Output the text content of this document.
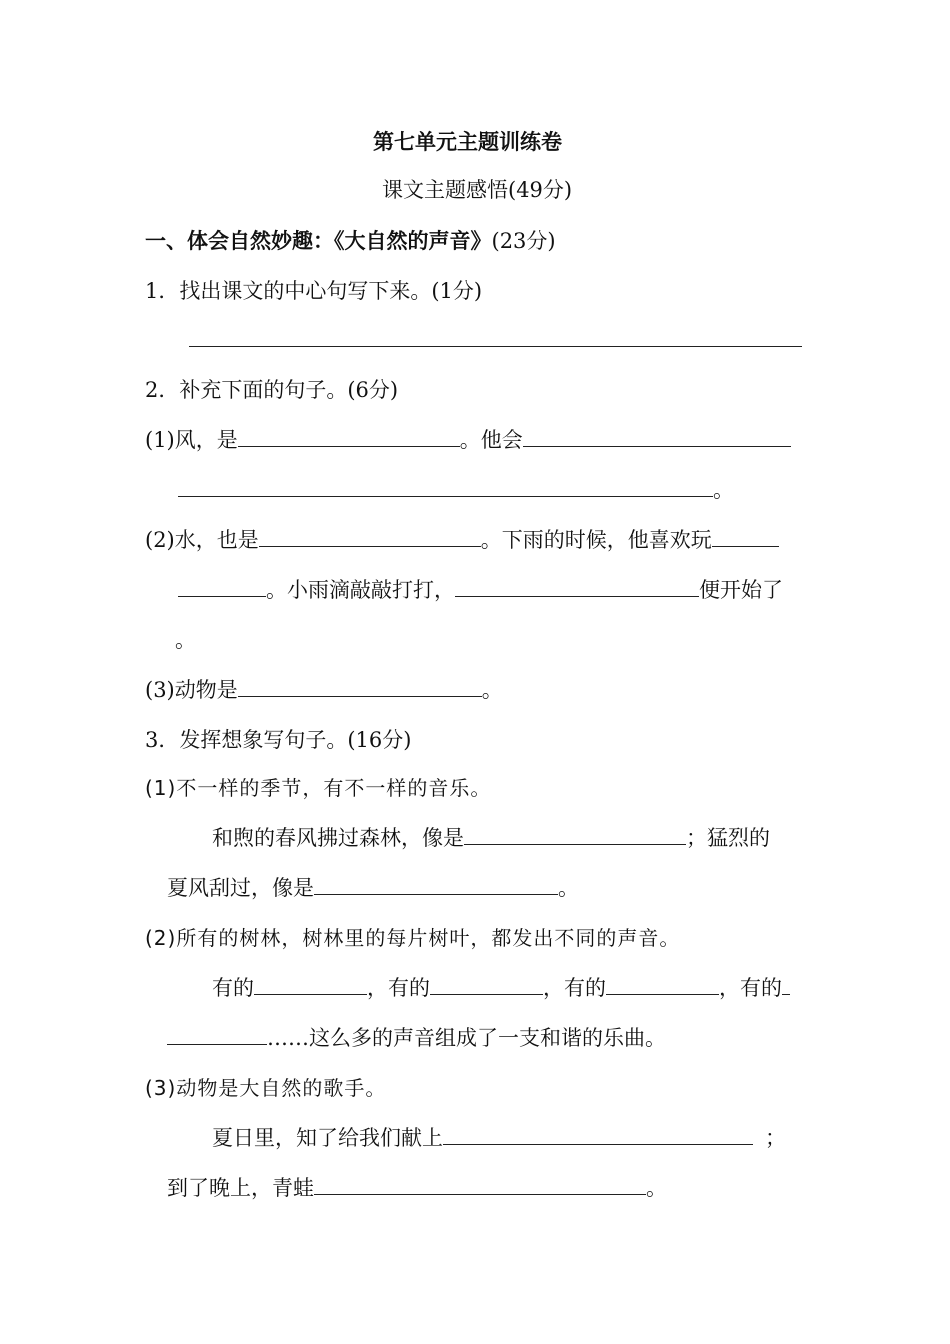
第七单元主题训练卷
课文主题感悟(49分)
一、体会自然妙趣：《大自然的声音》(23分)
1．找出课文的中心句写下来。(1分)
2．补充下面的句子。(6分)
(1)风，是	。他会
。
(2)水，也是	。下雨的时候，他喜欢玩
。小雨滴敲敲打打，	便开始了
。
(3)动物是	。
3．发挥想象写句子。(16分)
(1)不一样的季节，有不一样的音乐。
和煦的春风拂过森林，像是	；猛烈的
夏风刮过，像是	。
(2)所有的树林，树林里的每片树叶，都发出不同的声音。
有的	，有的	，有的	，有的
……这么多的声音组成了一支和谐的乐曲。
(3)动物是大自然的歌手。
夏日里，知了给我们献上	；
到了晚上，青蛙	。
